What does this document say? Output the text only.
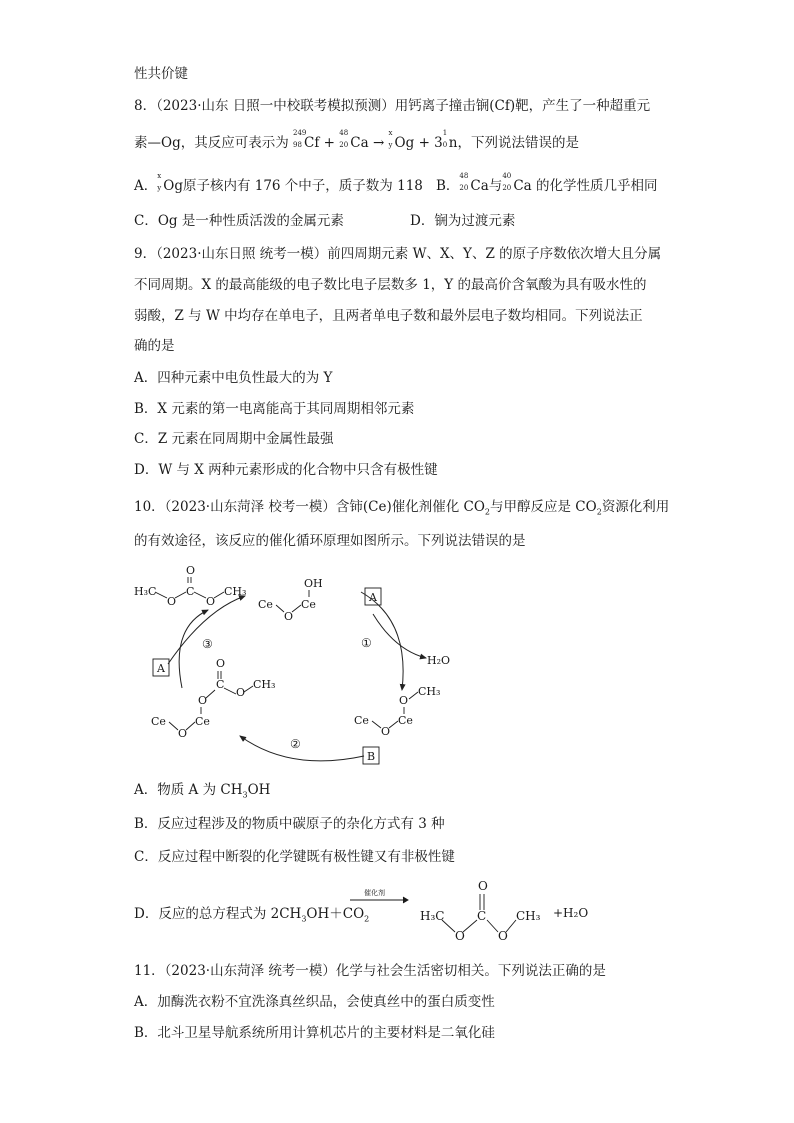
性共价键
8．（2023·山东 日照一中校联考模拟预测）用钙离子撞击锎(Cf)靶，产生了一种超重元
素—Og，其反应可表示为
249
98 Cf +
48
20 Ca →
x
y Og + 3
1
0 n，下列说法错误的是
A．
x
y Og原子核内有 176 个中子，质子数为 118 B．
48
20 Ca与
40
20 Ca 的化学性质几乎相同
C．Og 是一种性质活泼的金属元素	D．锎为过渡元素
9．（2023·山东日照 统考一模）前四周期元素 W、X、Y、Z 的原子序数依次增大且分属
不同周期。X 的最高能级的电子数比电子层数多 1，Y 的最高价含氧酸为具有吸水性的
弱酸，Z 与 W 中均存在单电子，且两者单电子数和最外层电子数均相同。下列说法正
确的是
A．四种元素中电负性最大的为 Y
B．X 元素的第一电离能高于其同周期相邻元素
C．Z 元素在同周期中金属性最强
D．W 与 X 两种元素形成的化合物中只含有极性键
10．（2023·山东菏泽 校考一模）含铈(Ce)催化剂催化 $CO_2$与甲醇反应是 $CO_2$资源化利用
的有效途径，该反应的催化循环原理如图所示。下列说法错误的是
H₃C
O
C
O
O
CH₃
Ce
O
Ce
OH
Ce
O
Ce
O
CH₃
Ce
O
Ce
O
C
O
O
CH₃
H₂O
①
②
③
A
A
B
A．物质 A 为 $CH_3OH$
B．反应过程涉及的物质中碳原子的杂化方式有 3 种
C．反应过程中断裂的化学键既有极性键又有非极性键
D．反应的总方程式为 $2CH_3OH+CO_2$
催化剂
H₃C
O
C
O
O
CH₃ +H₂O
11．（2023·山东菏泽 统考一模）化学与社会生活密切相关。下列说法正确的是
A．加酶洗衣粉不宜洗涤真丝织品，会使真丝中的蛋白质变性
B．北斗卫星导航系统所用计算机芯片的主要材料是二氧化硅
